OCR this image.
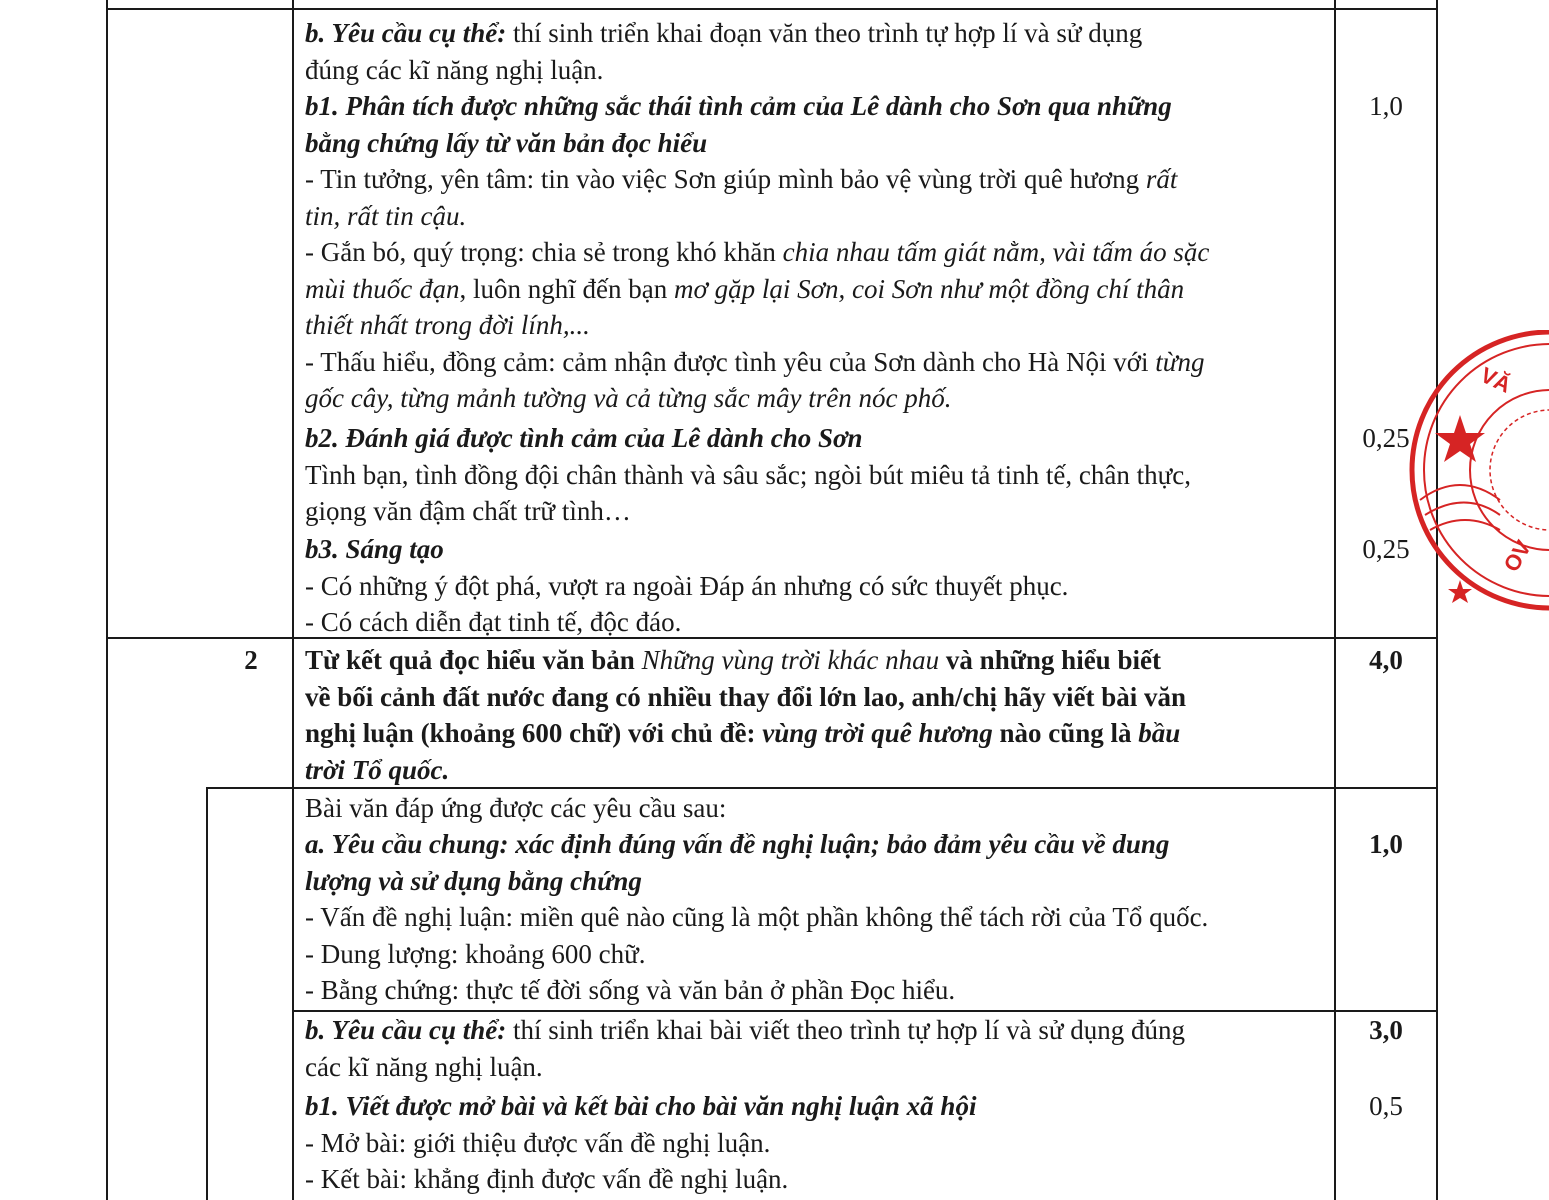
b. Yêu cầu cụ thể: thí sinh triển khai đoạn văn theo trình tự hợp lí và sử dụng
đúng các kĩ năng nghị luận.
b1. Phân tích được những sắc thái tình cảm của Lê dành cho Sơn qua những
bằng chứng lấy từ văn bản đọc hiểu
- Tin tưởng, yên tâm: tin vào việc Sơn giúp mình bảo vệ vùng trời quê hương rất
tin, rất tin cậu.
- Gắn bó, quý trọng: chia sẻ trong khó khăn chia nhau tấm giát nằm, vài tấm áo sặc
mùi thuốc đạn, luôn nghĩ đến bạn mơ gặp lại Sơn, coi Sơn như một đồng chí thân
thiết nhất trong đời lính,...
- Thấu hiểu, đồng cảm: cảm nhận được tình yêu của Sơn dành cho Hà Nội với từng
gốc cây, từng mảnh tường và cả từng sắc mây trên nóc phố.
1,0
b2. Đánh giá được tình cảm của Lê dành cho Sơn
Tình bạn, tình đồng đội chân thành và sâu sắc; ngòi bút miêu tả tinh tế, chân thực,
giọng văn đậm chất trữ tình…
0,25
b3. Sáng tạo
- Có những ý đột phá, vượt ra ngoài Đáp án nhưng có sức thuyết phục.
- Có cách diễn đạt tinh tế, độc đáo.
0,25
Từ kết quả đọc hiểu văn bản Những vùng trời khác nhau và những hiểu biết
về bối cảnh đất nước đang có nhiều thay đổi lớn lao, anh/chị hãy viết bài văn
nghị luận (khoảng 600 chữ) với chủ đề: vùng trời quê hương nào cũng là bầu
trời Tổ quốc.
4,0
2
Bài văn đáp ứng được các yêu cầu sau:
a. Yêu cầu chung: xác định đúng vấn đề nghị luận; bảo đảm yêu cầu về dung
lượng và sử dụng bằng chứng
- Vấn đề nghị luận: miền quê nào cũng là một phần không thể tách rời của Tổ quốc.
- Dung lượng: khoảng 600 chữ.
- Bằng chứng: thực tế đời sống và văn bản ở phần Đọc hiểu.
1,0
b. Yêu cầu cụ thể: thí sinh triển khai bài viết theo trình tự hợp lí và sử dụng đúng
các kĩ năng nghị luận.
3,0
b1. Viết được mở bài và kết bài cho bài văn nghị luận xã hội
- Mở bài: giới thiệu được vấn đề nghị luận.
- Kết bài: khẳng định được vấn đề nghị luận.
0,5
VĂ
OV
